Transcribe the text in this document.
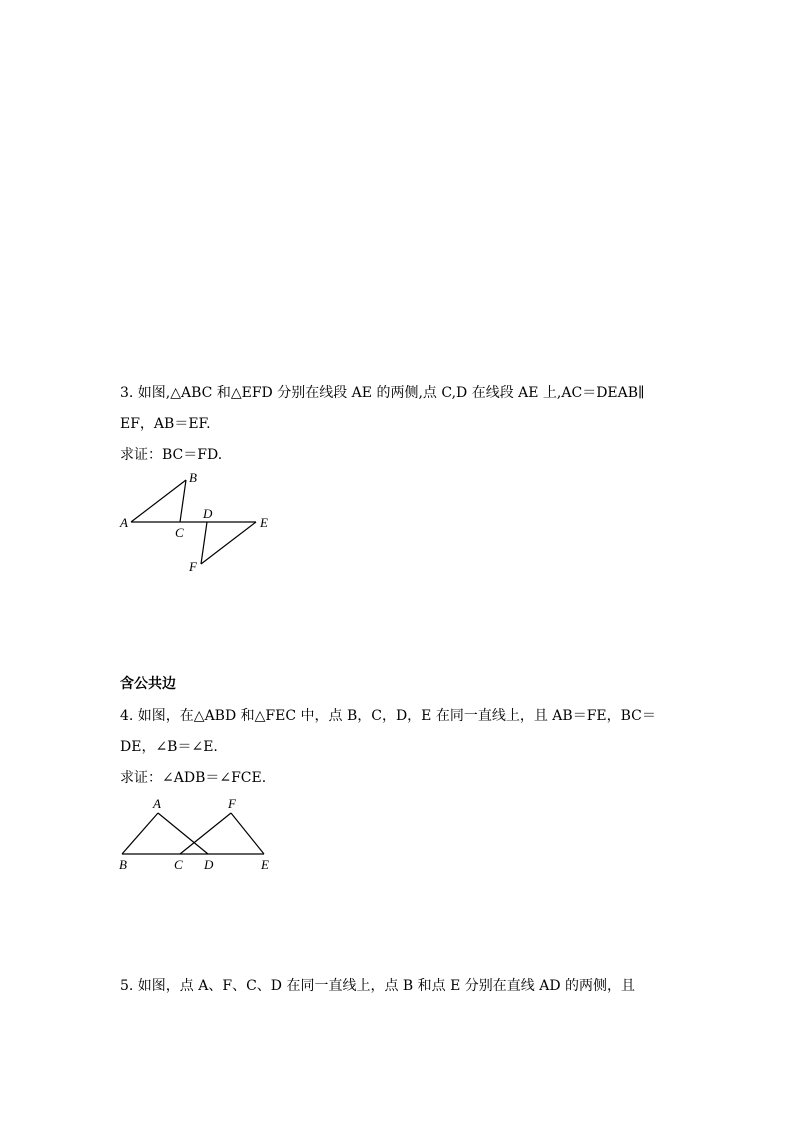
3. 如图,△ABC 和△EFD 分别在线段 AE 的两侧,点 C,D 在线段 AE 上,AC＝DEAB∥
EF，AB＝EF.
求证：BC＝FD.
A
B
C
D
E
F
含公共边
4. 如图，在△ABD 和△FEC 中，点 B，C，D，E 在同一直线上，且 AB＝FE，BC＝
DE，∠B＝∠E.
求证：∠ADB＝∠FCE.
A	F
B	C D	E
5. 如图，点 A、F、C、D 在同一直线上，点 B 和点 E 分别在直线 AD 的两侧，且
